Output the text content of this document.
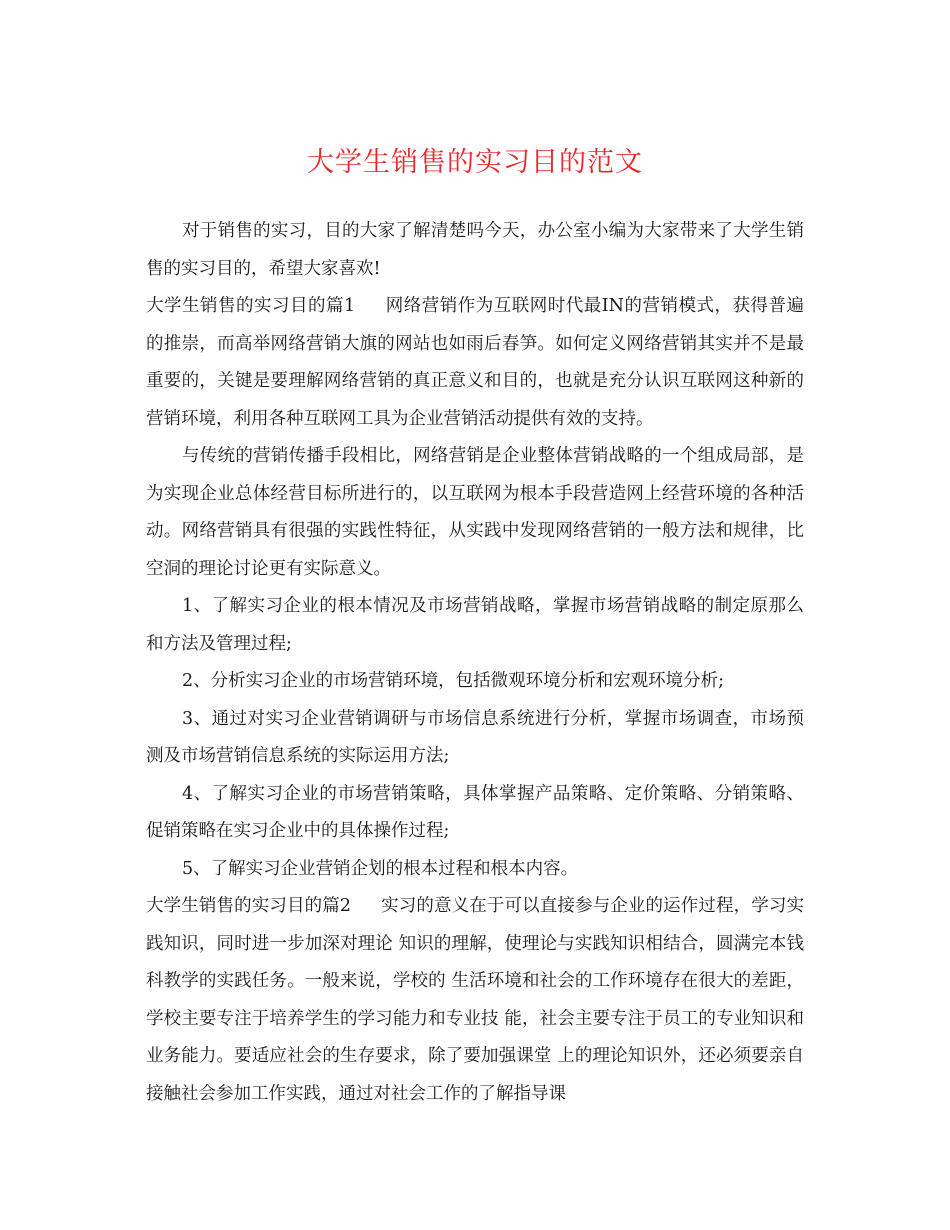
大学生销售的实习目的范文

对于销售的实习，目的大家了解清楚吗今天，办公室小编为大家带来了大学生销售的实习目的，希望大家喜欢!

大学生销售的实习目的篇1 网络营销作为互联网时代最IN的营销模式，获得普遍的推崇，而高举网络营销大旗的网站也如雨后春笋。如何定义网络营销其实并不是最重要的，关键是要理解网络营销的真正意义和目的，也就是充分认识互联网这种新的营销环境，利用各种互联网工具为企业营销活动提供有效的支持。

与传统的营销传播手段相比，网络营销是企业整体营销战略的一个组成局部，是为实现企业总体经营目标所进行的，以互联网为根本手段营造网上经营环境的各种活动。网络营销具有很强的实践性特征，从实践中发现网络营销的一般方法和规律，比空洞的理论讨论更有实际意义。

1、了解实习企业的根本情况及市场营销战略，掌握市场营销战略的制定原那么和方法及管理过程;

2、分析实习企业的市场营销环境，包括微观环境分析和宏观环境分析;

3、通过对实习企业营销调研与市场信息系统进行分析，掌握市场调查，市场预测及市场营销信息系统的实际运用方法;

4、了解实习企业的市场营销策略，具体掌握产品策略、定价策略、分销策略、促销策略在实习企业中的具体操作过程;

5、了解实习企业营销企划的根本过程和根本内容。

大学生销售的实习目的篇2 实习的意义在于可以直接参与企业的运作过程，学习实践知识，同时进一步加深对理论 知识的理解，使理论与实践知识相结合，圆满完本钱科教学的实践任务。一般来说，学校的 生活环境和社会的工作环境存在很大的差距，学校主要专注于培养学生的学习能力和专业技 能，社会主要专注于员工的专业知识和业务能力。要适应社会的生存要求，除了要加强课堂 上的理论知识外，还必须要亲自接触社会参加工作实践，通过对社会工作的了解指导课
